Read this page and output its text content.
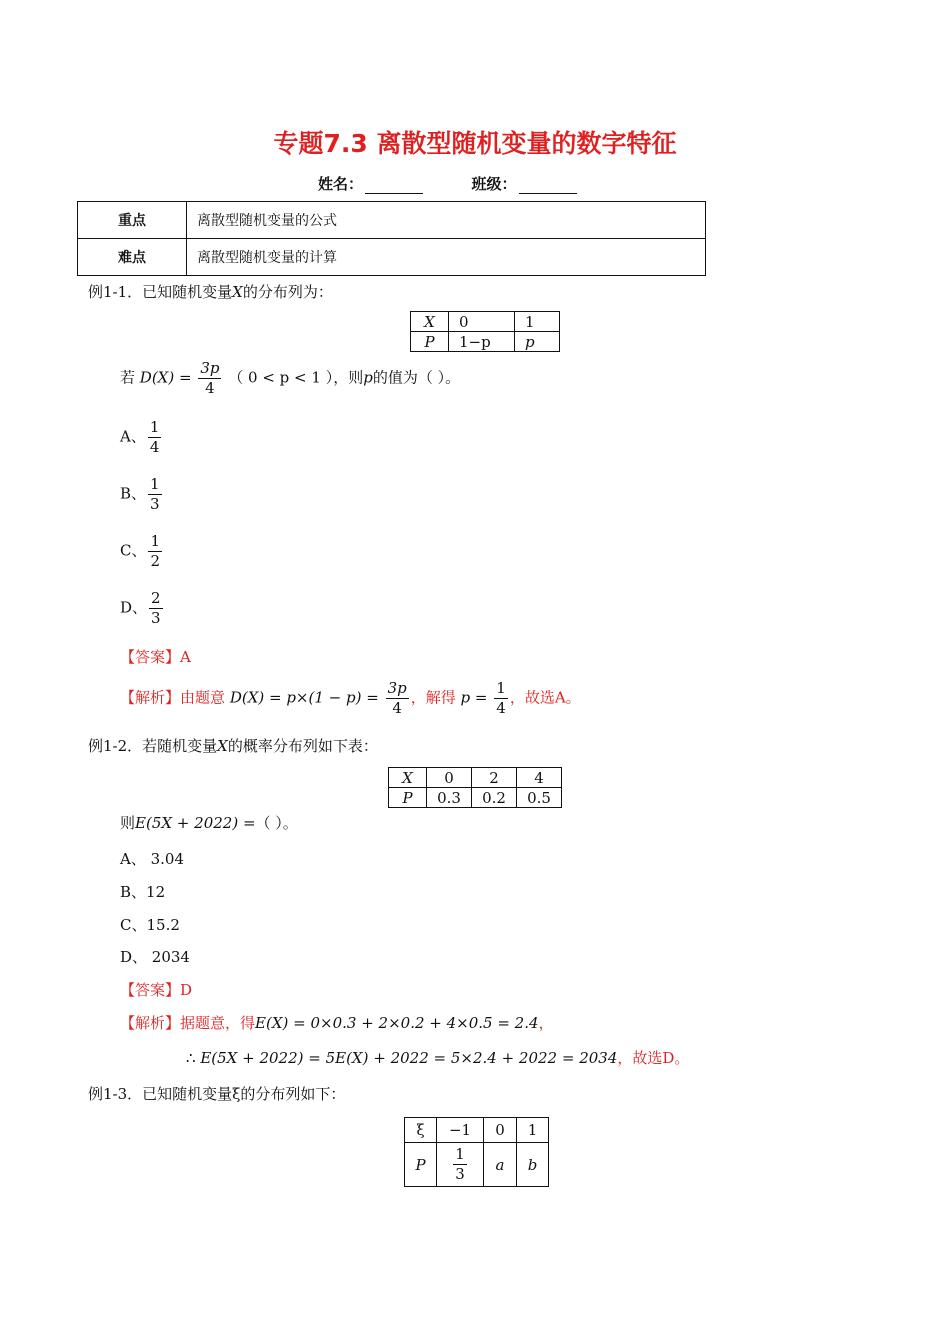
专题7.3 离散型随机变量的数字特征
姓名：	班级：
重点	离散型随机变量的公式
难点	离散型随机变量的计算
例1-1．已知随机变量X的分布列为：
X	0	1
P	1−p	p
若 $D(X) = \frac{3p}{4}$ （ 0 < p < 1 ），则p的值为（ ）。
A、 $\frac{1}{4}$
B、 $\frac{1}{3}$
C、 $\frac{1}{2}$
D、 $\frac{2}{3}$
【答案】A
【解析】由题意 $D(X) = p\times(1 - p) = \frac{3p}{4}$ ，解得 $p = \frac{1}{4}$ ，故选A。
例1-2．若随机变量X的概率分布列如下表：
X	0	2	4
P	0.3	0.2	0.5
则E(5X + 2022) =（ ）。
A、 3.04
B、12
C、15.2
D、 2034
【答案】D
【解析】据题意，得E(X) = 0×0.3 + 2×0.2 + 4×0.5 = 2.4，
∴ E(5X + 2022) = 5E(X) + 2022 = 5×2.4 + 2022 = 2034，故选D。
例1-3．已知随机变量ξ的分布列如下：
ξ	−1	0	1
P	$\frac{1}{3}$	a	b
